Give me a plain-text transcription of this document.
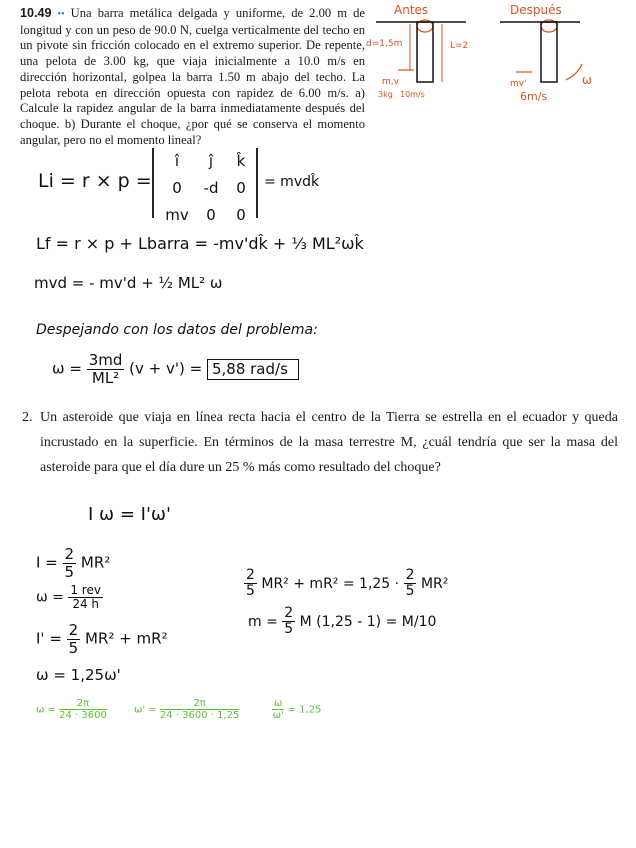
10.49 •• Una barra metálica delgada y uniforme, de 2.00 m de longitud y con un peso de 90.0 N, cuelga verticalmente del techo en un pivote sin fricción colocado en el extremo superior. De repente, una pelota de 3.00 kg, que viaja inicialmente a 10.0 m/s en dirección horizontal, golpea la barra 1.50 m abajo del techo. La pelota rebota en dirección opuesta con rapidez de 6.00 m/s. a) Calcule la rapidez angular de la barra inmediatamente después del choque. b) Durante el choque, ¿por qué se conserva el momento angular, pero no el momento lineal?
Antes
d=1,5m	L=2
m,v
3kg 10m/s
Después
mv'	ω
6m/s
Li = r × p =
î ĵ k̂
0 -d 0
mv 0 0
= mvdk̂
Lf = r × p + Lbarra = -mv'dk̂ + ⅓ ML²ωk̂
mvd = - mv'd + ½ ML² ω
Despejando con los datos del problema:
$\omega = \frac{3md}{\text{ML²}} (v + v') = 5,88$ rad/s
2. Un asteroide que viaja en línea recta hacia el centro de la Tierra se estrella en el ecuador y queda incrustado en la superficie. En términos de la masa terrestre M, ¿cuál tendría que ser la masa del asteroide para que el día dure un 25 % más como resultado del choque?
I ω = I'ω'
$I = \frac{2}{5} MR^2$
$\omega = \frac{\text{1 rev}}{24 h}$
$I' = \frac{2}{5} MR^2 + mR^2$
ω = 1,25ω'
$\frac{2}{5} MR^2 + mR^2 = 1,25 \cdot \frac{2}{5} MR^2$
$m = \frac{2}{5}$ M (1,25 - 1) = M/10
$\omega = \frac{2\pi}{24 \cdot 3600}$	$\omega' = \frac{2\pi}{24 \cdot 3600 \cdot 1,25}$	$\frac{\omega}{\omega'} = 1,25$
